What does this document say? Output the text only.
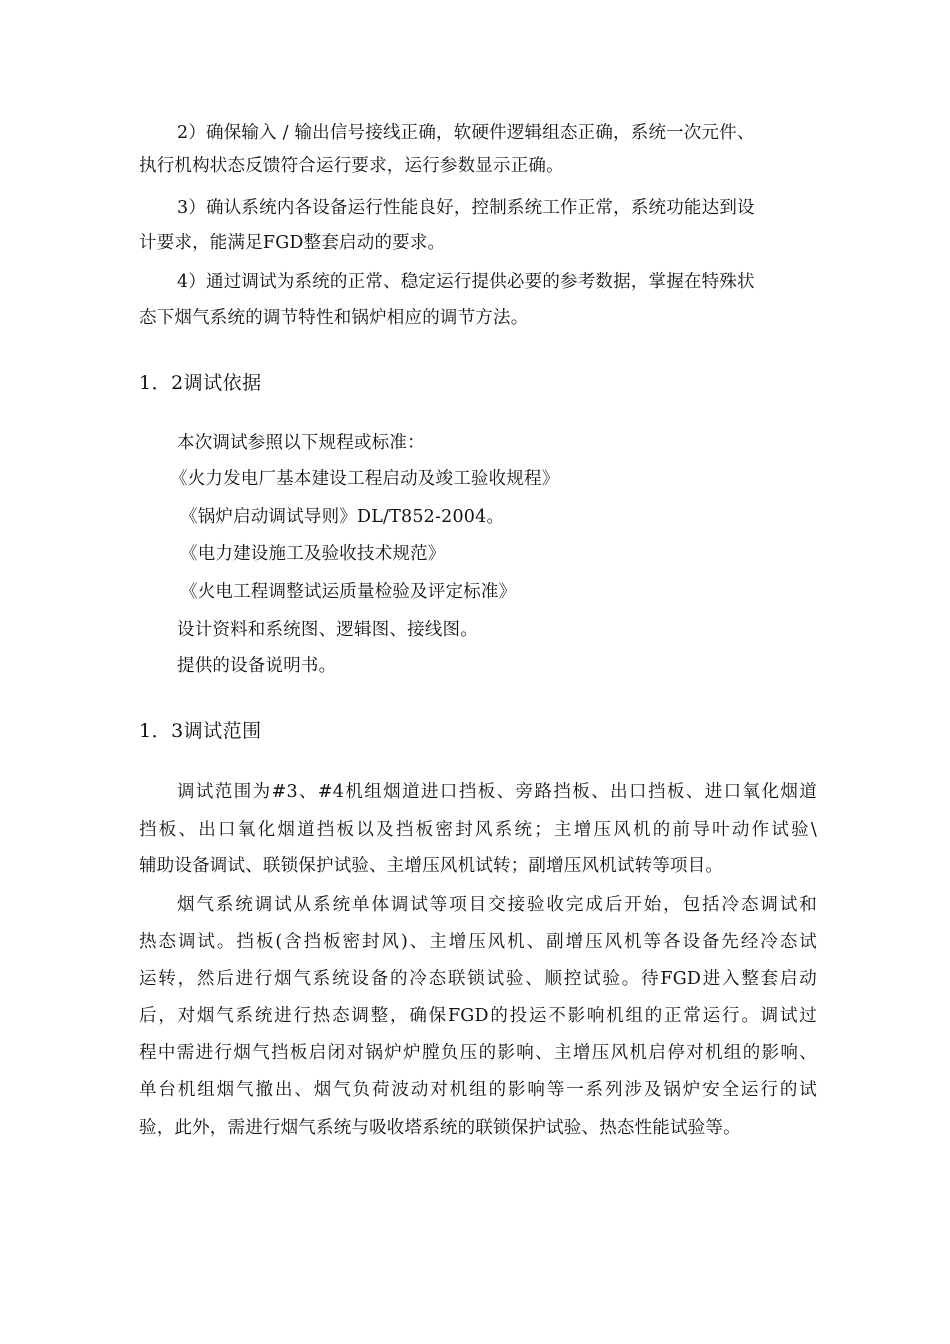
2）确保输入 / 输出信号接线正确，软硬件逻辑组态正确，系统一次元件、
执行机构状态反馈符合运行要求，运行参数显示正确。
3）确认系统内各设备运行性能良好，控制系统工作正常，系统功能达到设
计要求，能满足FGD整套启动的要求。
4）通过调试为系统的正常、稳定运行提供必要的参考数据，掌握在特殊状
态下烟气系统的调节特性和锅炉相应的调节方法。
1．2调试依据
本次调试参照以下规程或标准：
《火力发电厂基本建设工程启动及竣工验收规程》
《锅炉启动调试导则》DL/T852-2004。
《电力建设施工及验收技术规范》
《火电工程调整试运质量检验及评定标准》
设计资料和系统图、逻辑图、接线图。
提供的设备说明书。
1．3调试范围
调试范围为#3、#4机组烟道进口挡板、旁路挡板、出口挡板、进口氧化烟道
挡板、出口氧化烟道挡板以及挡板密封风系统；主增压风机的前导叶动作试验\
辅助设备调试、联锁保护试验、主增压风机试转；副增压风机试转等项目。
烟气系统调试从系统单体调试等项目交接验收完成后开始，包括冷态调试和
热态调试。挡板(含挡板密封风)、主增压风机、副增压风机等各设备先经冷态试
运转，然后进行烟气系统设备的冷态联锁试验、顺控试验。待FGD进入整套启动
后，对烟气系统进行热态调整，确保FGD的投运不影响机组的正常运行。调试过
程中需进行烟气挡板启闭对锅炉炉膛负压的影响、主增压风机启停对机组的影响、
单台机组烟气撤出、烟气负荷波动对机组的影响等一系列涉及锅炉安全运行的试
验，此外，需进行烟气系统与吸收塔系统的联锁保护试验、热态性能试验等。
